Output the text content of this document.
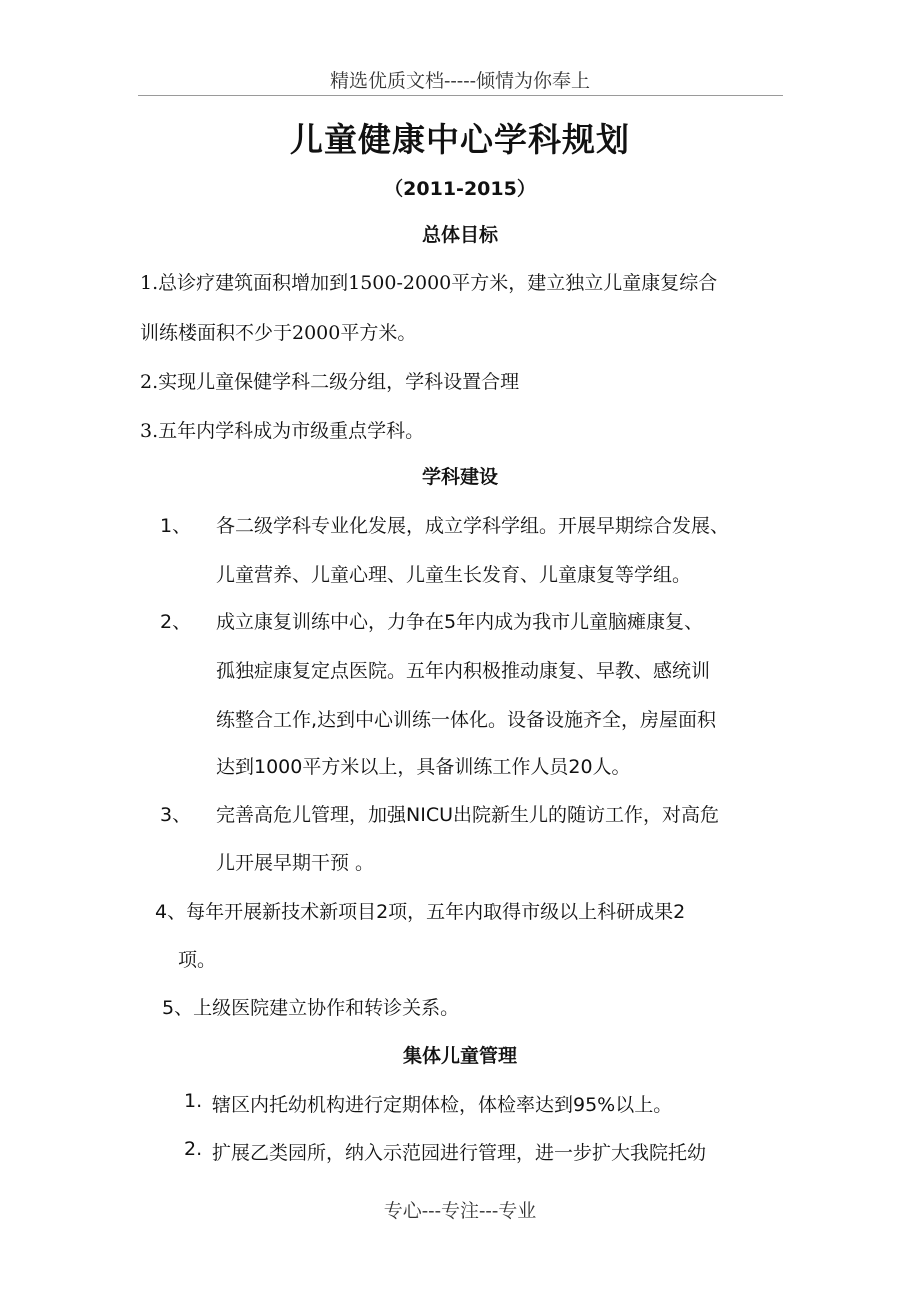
精选优质文档-----倾情为你奉上
儿童健康中心学科规划
（2011-2015）
总体目标
1.总诊疗建筑面积增加到1500-2000平方米，建立独立儿童康复综合
训练楼面积不少于2000平方米。
2.实现儿童保健学科二级分组，学科设置合理
3.五年内学科成为市级重点学科。
学科建设
1、 各二级学科专业化发展，成立学科学组。开展早期综合发展、
儿童营养、儿童心理、儿童生长发育、儿童康复等学组。
2、 成立康复训练中心，力争在5年内成为我市儿童脑瘫康复、
孤独症康复定点医院。五年内积极推动康复、早教、感统训
练整合工作,达到中心训练一体化。设备设施齐全，房屋面积
达到1000平方米以上，具备训练工作人员20人。
3、 完善高危儿管理，加强NICU出院新生儿的随访工作，对高危
儿开展早期干预 。
4、每年开展新技术新项目2项，五年内取得市级以上科研成果2
项。
5、上级医院建立协作和转诊关系。
集体儿童管理
1. 辖区内托幼机构进行定期体检，体检率达到95%以上。
2. 扩展乙类园所，纳入示范园进行管理，进一步扩大我院托幼
专心---专注---专业
